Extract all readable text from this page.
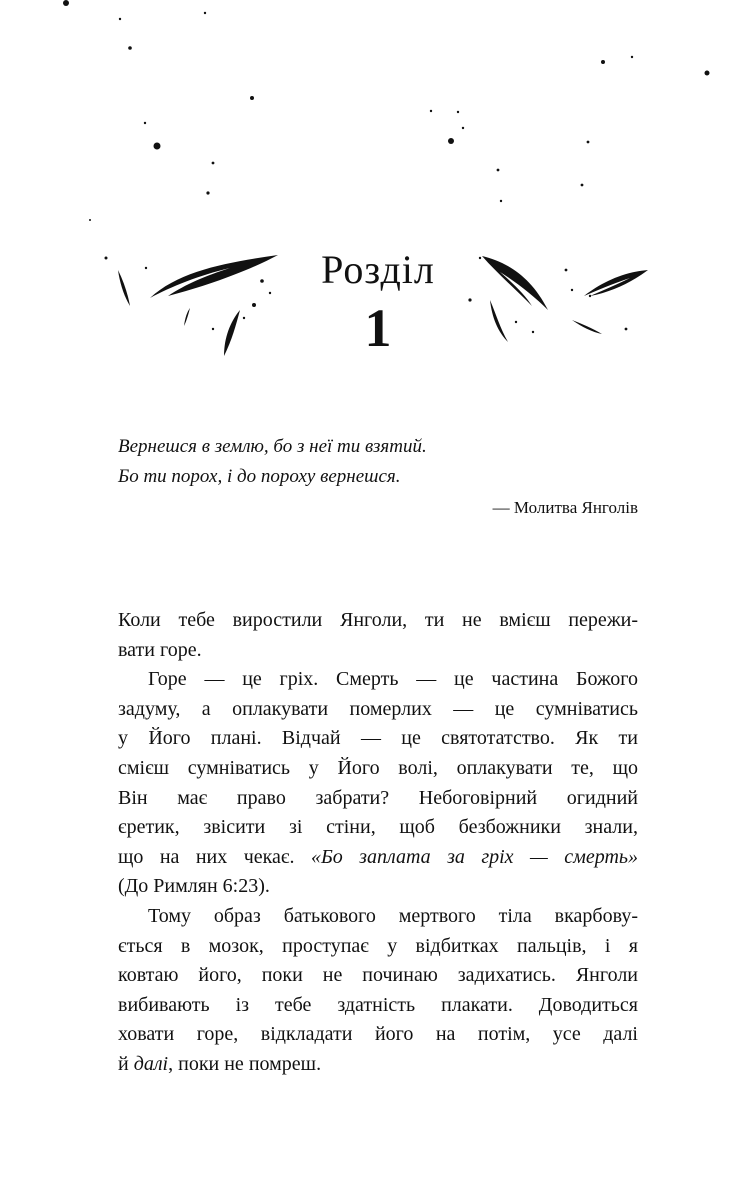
Розділ
1
Вернешся в землю, бо з неї ти взятий.
Бо ти порох, і до пороху вернешся.
— Молитва Янголів

Коли тебе виростили Янголи, ти не вмієш пережи-
вати горе.

Горе — це гріх. Смерть — це частина Божого
задуму, а оплакувати померлих — це сумніватись
у Його плані. Відчай — це святотатство. Як ти
смієш сумніватись у Його волі, оплакувати те, що
Він має право забрати? Небоговірний огидний
єретик, звісити зі стіни, щоб безбожники знали,
що на них чекає. «Бо заплата за гріх — смерть»
(До Римлян 6:23).

Тому образ батькового мертвого тіла вкарбову-
ється в мозок, проступає у відбитках пальців, і я
ковтаю його, поки не починаю задихатись. Янголи
вибивають із тебе здатність плакати. Доводиться
ховати горе, відкладати його на потім, усе далі
й далі, поки не помреш.
